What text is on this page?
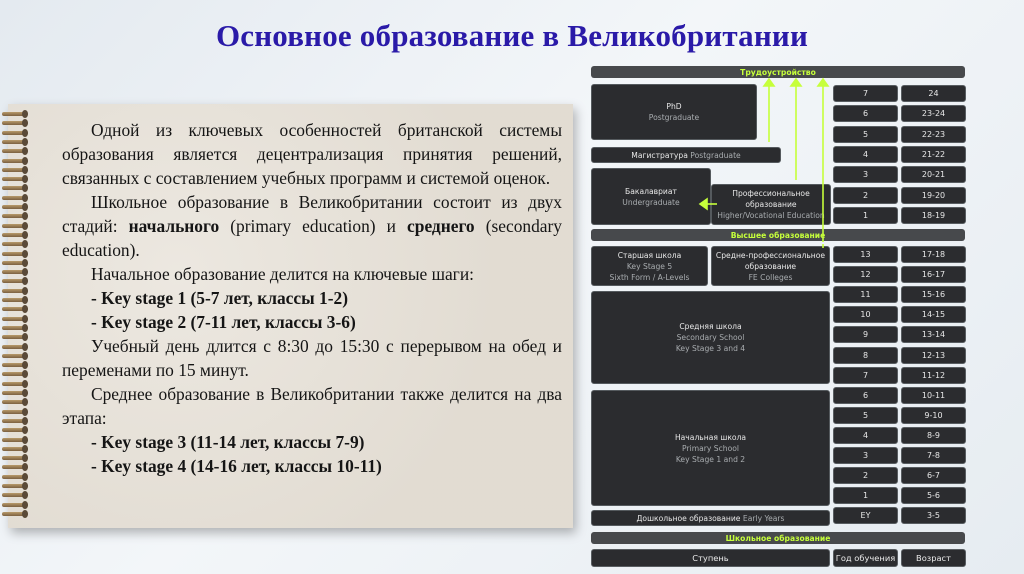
Основное образование в Великобритании

Одной из ключевых особенностей британской системы образования является децентрализация принятия решений, связанных с составлением учебных программ и системой оценок.

Школьное образование в Великобритании состоит из двух стадий: начального (primary education) и среднего (secondary education).

Начальное образование делится на ключевые шаги:

- Key stage 1 (5-7 лет, классы 1-2)

- Key stage 2 (7-11 лет, классы 3-6)

Учебный день длится с 8:30 до 15:30 с перерывом на обед и переменами по 15 минут.

Среднее образование в Великобритании также делится на два этапа:

- Key stage 3 (11-14 лет, классы 7-9)

- Key stage 4 (14-16 лет, классы 10-11)

Трудоустройство
PhD
Postgraduate
Магистратура
Postgraduate
Бакалавриат
Undergraduate
Профессиональное
образование
Higher/Vocational Education
Высшее образование
Старшая школа
Key Stage 5
Sixth Form / A-Levels
Средне-профессиональное
образование
FE Colleges
Средняя школа
Secondary School
Key Stage 3 and 4
Начальная школа
Primary School
Key Stage 1 and 2
Дошкольное образование
Early Years
Школьное образование
Ступень	Год обучения	Возраст
7	24
6	23-24
5	22-23
4	21-22
3	20-21
2	19-20
1	18-19
13	17-18
12	16-17
11	15-16
10	14-15
9	13-14
8	12-13
7	11-12
6	10-11
5	9-10
4	8-9
3	7-8
2	6-7
1	5-6
EY	3-5
